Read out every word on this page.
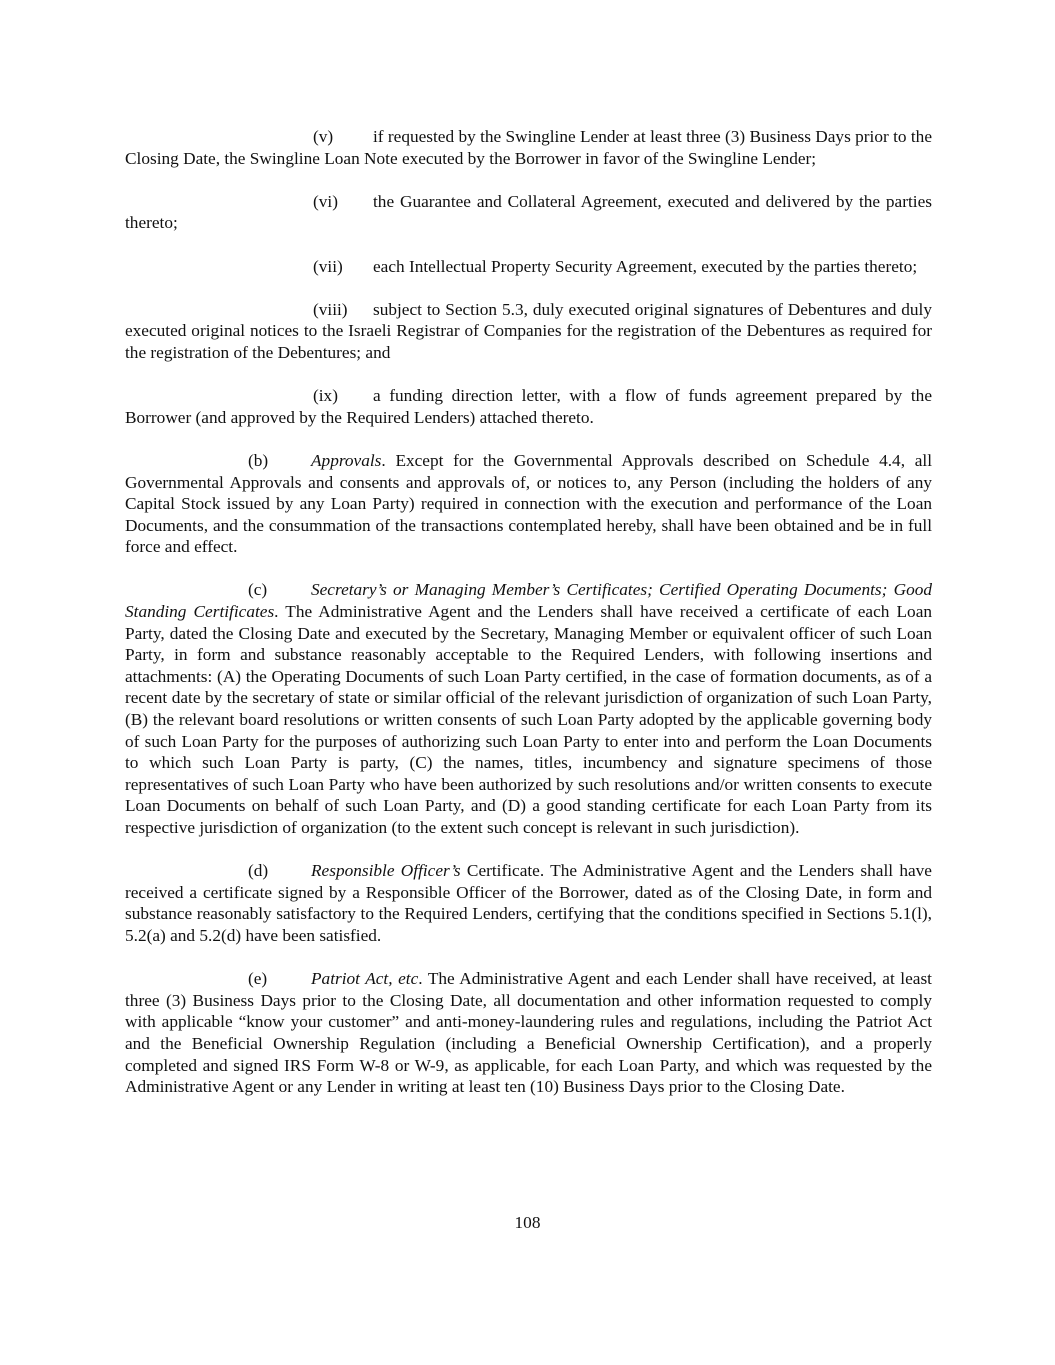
(v) if requested by the Swingline Lender at least three (3) Business Days prior to the Closing Date, the Swingline Loan Note executed by the Borrower in favor of the Swingline Lender;

(vi) the Guarantee and Collateral Agreement, executed and delivered by the parties thereto;

(vii) each Intellectual Property Security Agreement, executed by the parties thereto;

(viii) subject to Section 5.3, duly executed original signatures of Debentures and duly executed original notices to the Israeli Registrar of Companies for the registration of the Debentures as required for the registration of the Debentures; and

(ix) a funding direction letter, with a flow of funds agreement prepared by the Borrower (and approved by the Required Lenders) attached thereto.

(b) Approvals. Except for the Governmental Approvals described on Schedule 4.4, all Governmental Approvals and consents and approvals of, or notices to, any Person (including the holders of any Capital Stock issued by any Loan Party) required in connection with the execution and performance of the Loan Documents, and the consummation of the transactions contemplated hereby, shall have been obtained and be in full force and effect.

(c)	Secretary’s or Managing Member’s Certificates; Certified Operating Documents; Good Standing Certificates. The Administrative Agent and the Lenders shall have received a certificate of each Loan Party, dated the Closing Date and executed by the Secretary, Managing Member or equivalent officer of such Loan Party, in form and substance reasonably acceptable to the Required Lenders, with following insertions and attachments: (A) the Operating Documents of such Loan Party certified, in the case of formation documents, as of a recent date by the secretary of state or similar official of the relevant jurisdiction of organization of such Loan Party, (B) the relevant board resolutions or written consents of such Loan Party adopted by the applicable governing body of such Loan Party for the purposes of authorizing such Loan Party to enter into and perform the Loan Documents to which such Loan Party is party, (C) the names, titles, incumbency and signature specimens of those representatives of such Loan Party who have been authorized by such resolutions and/or written consents to execute Loan Documents on behalf of such Loan Party, and (D) a good standing certificate for each Loan Party from its respective jurisdiction of organization (to the extent such concept is relevant in such jurisdiction).

(d) Responsible Officer’s Certificate. The Administrative Agent and the Lenders shall have received a certificate signed by a Responsible Officer of the Borrower, dated as of the Closing Date, in form and substance reasonably satisfactory to the Required Lenders, certifying that the conditions specified in Sections 5.1(l), 5.2(a) and 5.2(d) have been satisfied.

(e)	Patriot Act, etc. The Administrative Agent and each Lender shall have received, at least three (3) Business Days prior to the Closing Date, all documentation and other information requested to comply with applicable “know your customer” and anti-money-laundering rules and regulations, including the Patriot Act and the Beneficial Ownership Regulation (including a Beneficial Ownership Certification), and a properly completed and signed IRS Form W-8 or W-9, as applicable, for each Loan Party, and which was requested by the Administrative Agent or any Lender in writing at least ten (10) Business Days prior to the Closing Date.

108
